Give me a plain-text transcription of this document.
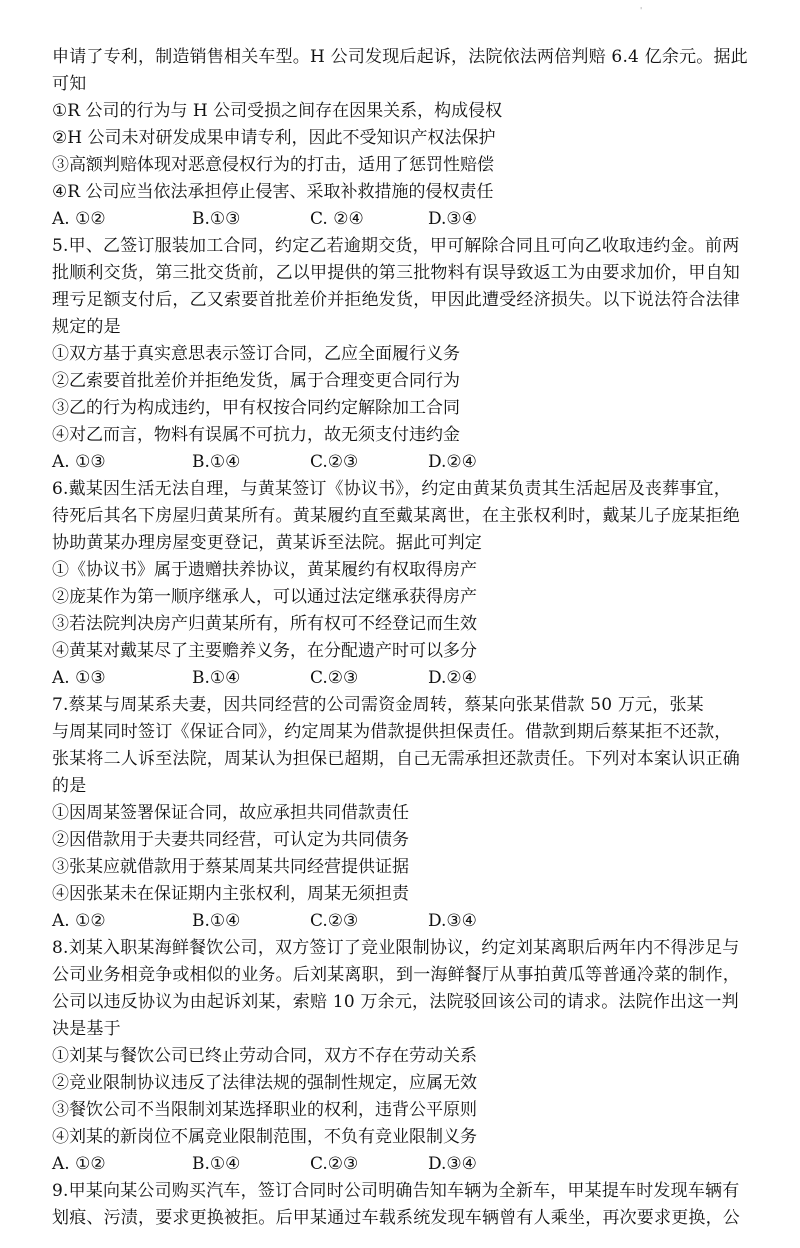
'
申请了专利，制造销售相关车型。H 公司发现后起诉，法院依法两倍判赔 6.4 亿余元。据此
可知
①R 公司的行为与 H 公司受损之间存在因果关系，构成侵权
②H 公司未对研发成果申请专利，因此不受知识产权法保护
③高额判赔体现对恶意侵权行为的打击，适用了惩罚性赔偿
④R 公司应当依法承担停止侵害、采取补救措施的侵权责任
A. ①②	B.①③	C. ②④	D.③④
5.甲、乙签订服装加工合同，约定乙若逾期交货，甲可解除合同且可向乙收取违约金。前两
批顺利交货，第三批交货前，乙以甲提供的第三批物料有误导致返工为由要求加价，甲自知
理亏足额支付后，乙又索要首批差价并拒绝发货，甲因此遭受经济损失。以下说法符合法律
规定的是
①双方基于真实意思表示签订合同，乙应全面履行义务
②乙索要首批差价并拒绝发货，属于合理变更合同行为
③乙的行为构成违约，甲有权按合同约定解除加工合同
④对乙而言，物料有误属不可抗力，故无须支付违约金
A. ①③	B.①④	C.②③	D.②④
6.戴某因生活无法自理，与黄某签订《协议书》，约定由黄某负责其生活起居及丧葬事宜，
待死后其名下房屋归黄某所有。黄某履约直至戴某离世，在主张权利时，戴某儿子庞某拒绝
协助黄某办理房屋变更登记，黄某诉至法院。据此可判定
①《协议书》属于遗赠扶养协议，黄某履约有权取得房产
②庞某作为第一顺序继承人，可以通过法定继承获得房产
③若法院判决房产归黄某所有，所有权可不经登记而生效
④黄某对戴某尽了主要赡养义务，在分配遗产时可以多分
A. ①③	B.①④	C.②③	D.②④
7.蔡某与周某系夫妻，因共同经营的公司需资金周转，蔡某向张某借款 50 万元，张某
与周某同时签订《保证合同》，约定周某为借款提供担保责任。借款到期后蔡某拒不还款，
张某将二人诉至法院，周某认为担保已超期，自己无需承担还款责任。下列对本案认识正确
的是
①因周某签署保证合同，故应承担共同借款责任
②因借款用于夫妻共同经营，可认定为共同债务
③张某应就借款用于蔡某周某共同经营提供证据
④因张某未在保证期内主张权利，周某无须担责
A. ①②	B.①④	C.②③	D.③④
8.刘某入职某海鲜餐饮公司，双方签订了竞业限制协议，约定刘某离职后两年内不得涉足与
公司业务相竞争或相似的业务。后刘某离职，到一海鲜餐厅从事拍黄瓜等普通冷菜的制作，
公司以违反协议为由起诉刘某，索赔 10 万余元，法院驳回该公司的请求。法院作出这一判
决是基于
①刘某与餐饮公司已终止劳动合同，双方不存在劳动关系
②竞业限制协议违反了法律法规的强制性规定，应属无效
③餐饮公司不当限制刘某选择职业的权利，违背公平原则
④刘某的新岗位不属竞业限制范围，不负有竞业限制义务
A. ①②	B.①④	C.②③	D.③④
9.甲某向某公司购买汽车，签订合同时公司明确告知车辆为全新车，甲某提车时发现车辆有
划痕、污渍，要求更换被拒。后甲某通过车载系统发现车辆曾有人乘坐，再次要求更换，公
